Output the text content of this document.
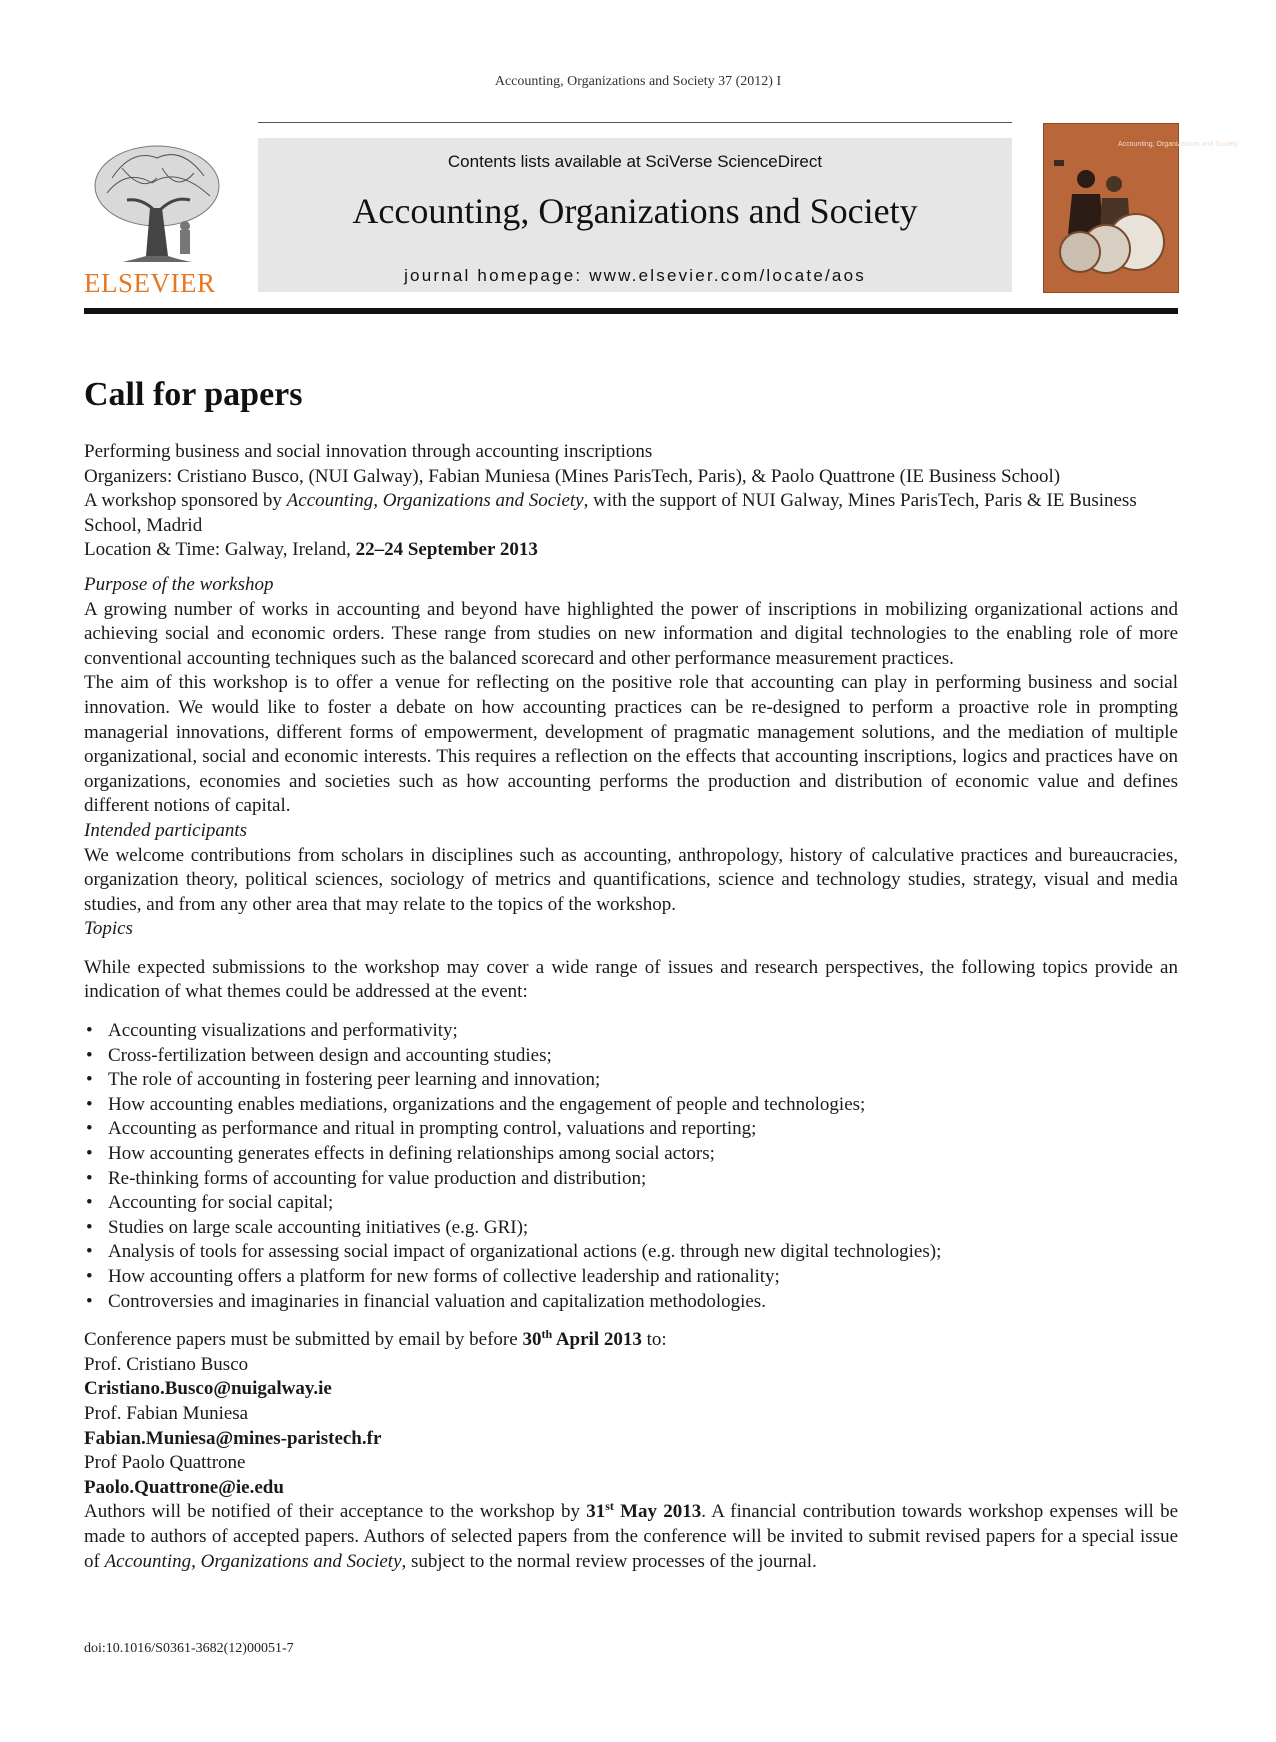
Accounting, Organizations and Society 37 (2012) I
ELSEVIER
Contents lists available at SciVerse ScienceDirect
Accounting, Organizations and Society
journal homepage: www.elsevier.com/locate/aos
Accounting, Organizations and Society
Call for papers

Performing business and social innovation through accounting inscriptions

Organizers: Cristiano Busco, (NUI Galway), Fabian Muniesa (Mines ParisTech, Paris), & Paolo Quattrone (IE Business School)

A workshop sponsored by Accounting, Organizations and Society, with the support of NUI Galway, Mines ParisTech, Paris & IE Business School, Madrid

Location & Time: Galway, Ireland, 22–24 September 2013

Purpose of the workshop

A growing number of works in accounting and beyond have highlighted the power of inscriptions in mobilizing organizational actions and achieving social and economic orders. These range from studies on new information and digital technologies to the enabling role of more conventional accounting techniques such as the balanced scorecard and other performance measurement practices.

The aim of this workshop is to offer a venue for reflecting on the positive role that accounting can play in performing business and social innovation. We would like to foster a debate on how accounting practices can be re-designed to perform a proactive role in prompting managerial innovations, different forms of empowerment, development of pragmatic management solutions, and the mediation of multiple organizational, social and economic interests. This requires a reflection on the effects that accounting inscriptions, logics and practices have on organizations, economies and societies such as how accounting performs the production and distribution of economic value and defines different notions of capital.

Intended participants

We welcome contributions from scholars in disciplines such as accounting, anthropology, history of calculative practices and bureaucracies, organization theory, political sciences, sociology of metrics and quantifications, science and technology studies, strategy, visual and media studies, and from any other area that may relate to the topics of the workshop.

Topics

While expected submissions to the workshop may cover a wide range of issues and research perspectives, the following topics provide an indication of what themes could be addressed at the event:

• Accounting visualizations and performativity;
• Cross-fertilization between design and accounting studies;
• The role of accounting in fostering peer learning and innovation;
• How accounting enables mediations, organizations and the engagement of people and technologies;
• Accounting as performance and ritual in prompting control, valuations and reporting;
• How accounting generates effects in defining relationships among social actors;
• Re-thinking forms of accounting for value production and distribution;
• Accounting for social capital;
• Studies on large scale accounting initiatives (e.g. GRI);
• Analysis of tools for assessing social impact of organizational actions (e.g. through new digital technologies);
• How accounting offers a platform for new forms of collective leadership and rationality;
• Controversies and imaginaries in financial valuation and capitalization methodologies.

Conference papers must be submitted by email by before 30th April 2013 to:

Prof. Cristiano Busco

Cristiano.Busco@nuigalway.ie

Prof. Fabian Muniesa

Fabian.Muniesa@mines-paristech.fr

Prof Paolo Quattrone

Paolo.Quattrone@ie.edu

Authors will be notified of their acceptance to the workshop by 31st May 2013. A financial contribution towards workshop expenses will be made to authors of accepted papers. Authors of selected papers from the conference will be invited to submit revised papers for a special issue of Accounting, Organizations and Society, subject to the normal review processes of the journal.

doi:10.1016/S0361-3682(12)00051-7
